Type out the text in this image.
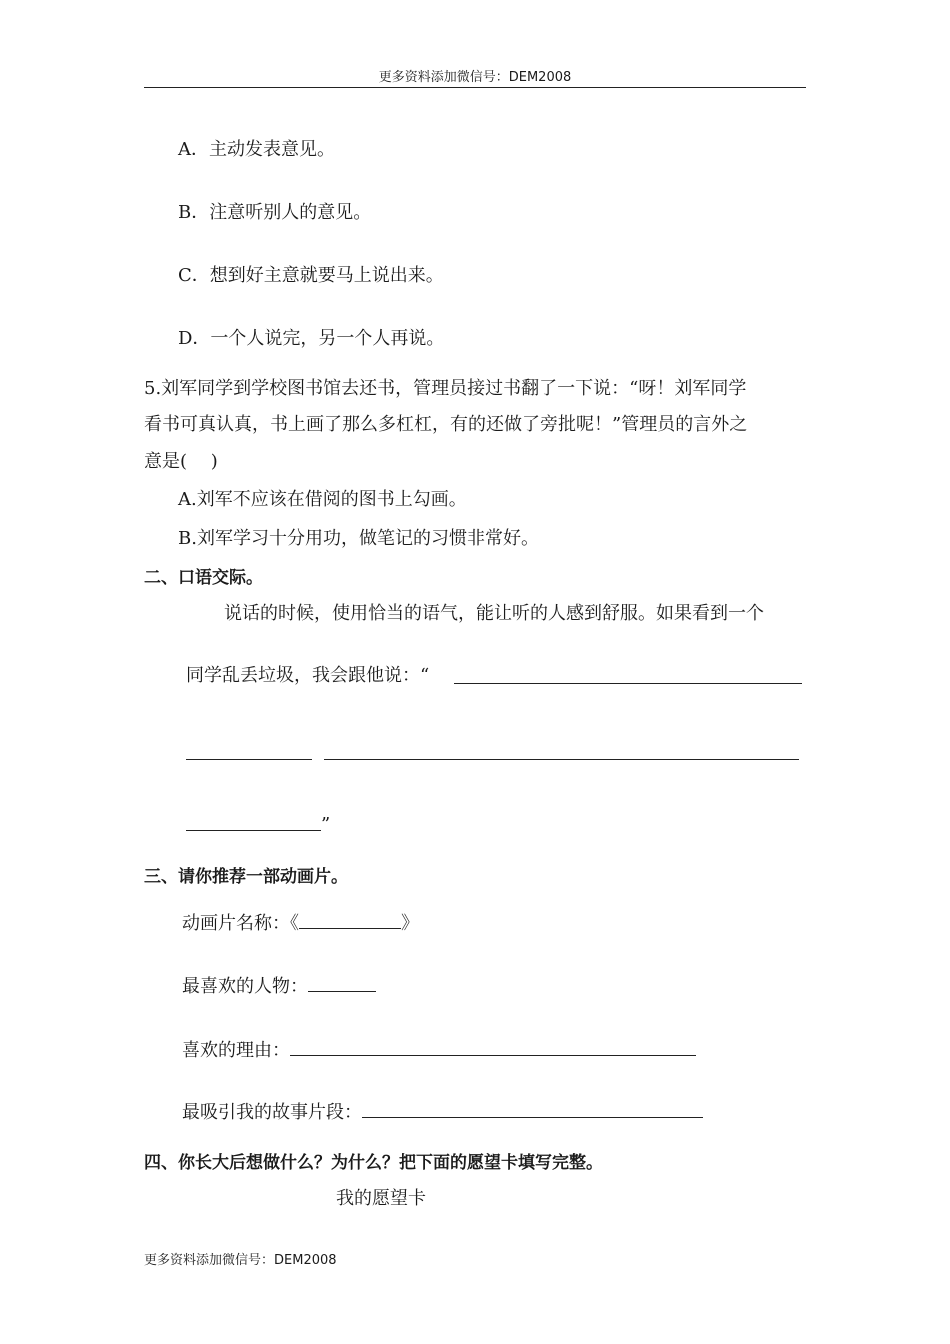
更多资料添加微信号：DEM2008
A．主动发表意见。
B．注意听别人的意见。
C．想到好主意就要马上说出来。
D．一个人说完，另一个人再说。
5.刘军同学到学校图书馆去还书，管理员接过书翻了一下说：“呀！刘军同学
看书可真认真，书上画了那么多杠杠，有的还做了旁批呢！”管理员的言外之
意是(　 )
A.刘军不应该在借阅的图书上勾画。
B.刘军学习十分用功，做笔记的习惯非常好。
二、口语交际。
说话的时候，使用恰当的语气，能让听的人感到舒服。如果看到一个
同学乱丢垃圾，我会跟他说：“
”
三、请你推荐一部动画片。
动画片名称：《	》
最喜欢的人物：
喜欢的理由：
最吸引我的故事片段：
四、你长大后想做什么？为什么？把下面的愿望卡填写完整。
我的愿望卡
更多资料添加微信号：DEM2008
